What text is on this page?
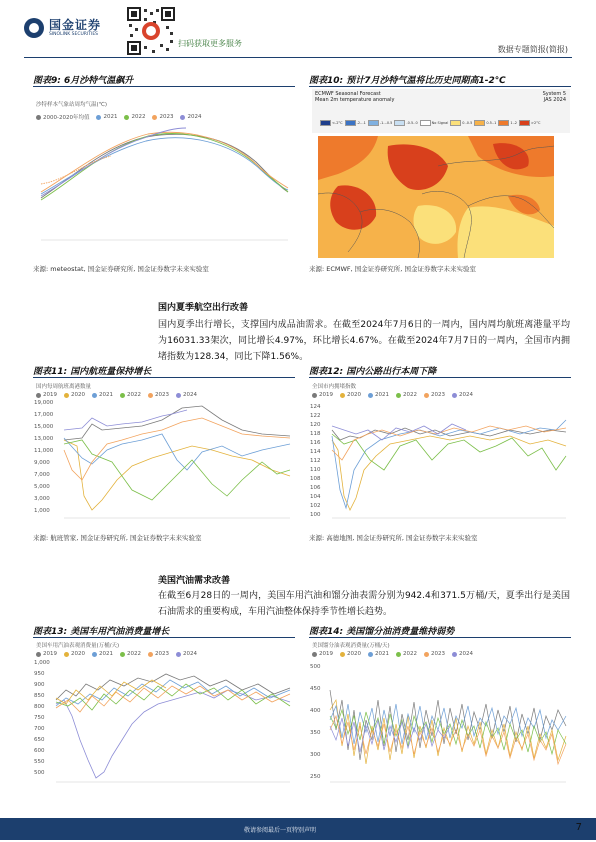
国金证券
SINOLINK SECURITIES
扫码获取更多服务
数据专题简报(简报)
图表9: 6月沙特气温飙升
沙特样本气象站周均气温(℃)
2000-2020年均值	2021	2022	2023	2024
来源: meteostat, 国金证券研究所, 国金证券数字未来实验室
图表10: 预计7月沙特气温将比历史同期高1-2℃
ECMWF Seasonal Forecast
Mean 2m temperature anomaly
System 5
JAS 2024
<-2°C	-2..-1	-1..-0.5	-0.5..0	No Signal	0..0.5	0.5..1	1..2	>2°C
来源: ECMWF, 国金证券研究所, 国金证券数字未来实验室
国内夏季航空出行改善
国内夏季出行增长，支撑国内成品油需求。在截至2024年7月6日的一周内，国内周均航班离港量平均为16031.33架次，同比增长4.97%，环比增长4.67%。在截至2024年7月7日的一周内，全国市内拥堵指数为128.34，同比下降1.56%。
图表11: 国内航班量保持增长
国内每周航班离港数量
2019	2020	2021	2022	2023	2024
19,000
17,000
15,000
13,000
11,000
9,000
7,000
5,000
3,000
1,000
来源: 航班管家, 国金证券研究所, 国金证券数字未来实验室
图表12: 国内公路出行本周下降
全国市内拥堵指数
2019	2020	2021	2022	2023	2024
124
122
120
118
116
114
112
110
108
106
104
102
100
来源: 高德地图, 国金证券研究所, 国金证券数字未来实验室
美国汽油需求改善
在截至6月28日的一周内，美国车用汽油和馏分油表需分别为942.4和371.5万桶/天，夏季出行是美国石油需求的重要构成，车用汽油整体保持季节性增长趋势。
图表13: 美国车用汽油消费量增长
美国车用汽油表观消费量(万桶/天)
2019	2020	2021	2022	2023	2024
1,000
950
900
850
800
750
700
650
600
550
500
图表14: 美国馏分油消费量维持弱势
美国馏分油表观消费量(万桶/天)
2019	2020	2021	2022	2023	2024
500
450
400
350
300
250
敬请参阅最后一页特别声明	7
